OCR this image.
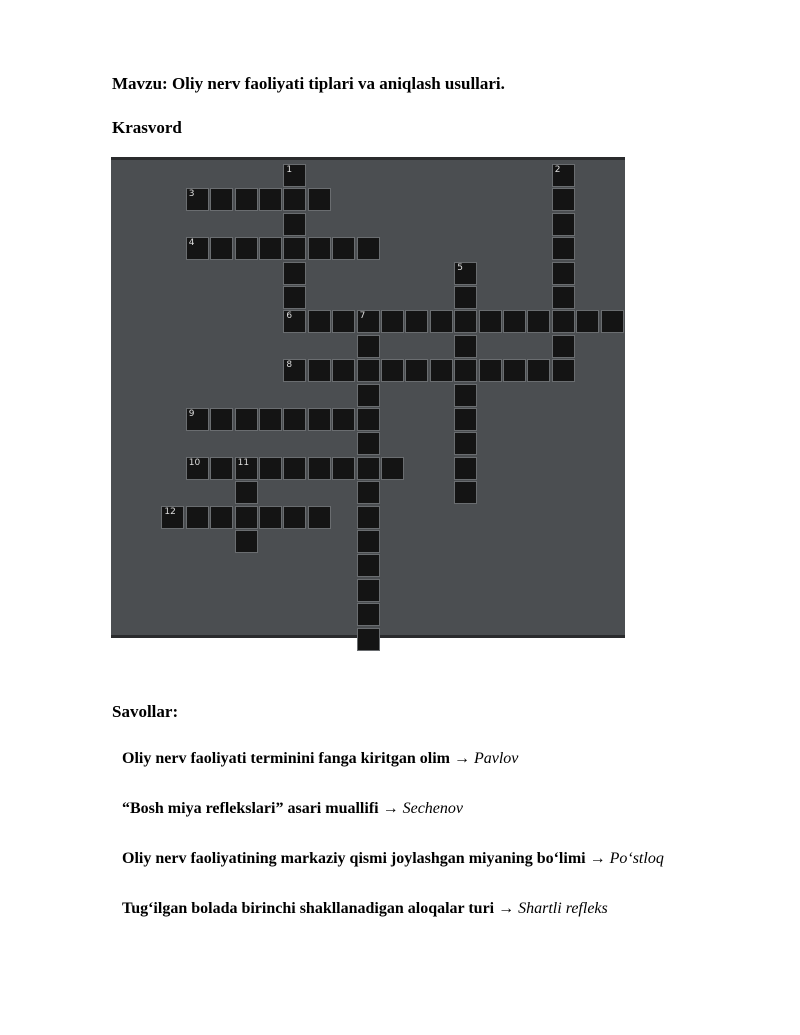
Mavzu: Oliy nerv faoliyati tiplari va aniqlash usullari.

Krasvord

1	2
3
4
5
6	7
8
9
10	11
12

Savollar:

Oliy nerv faoliyati terminini fanga kiritgan olim → Pavlov

“Bosh miya reflekslari” asari muallifi → Sechenov

Oliy nerv faoliyatining markaziy qismi joylashgan miyaning bo‘limi → Po‘stloq

Tug‘ilgan bolada birinchi shakllanadigan aloqalar turi → Shartli refleks
